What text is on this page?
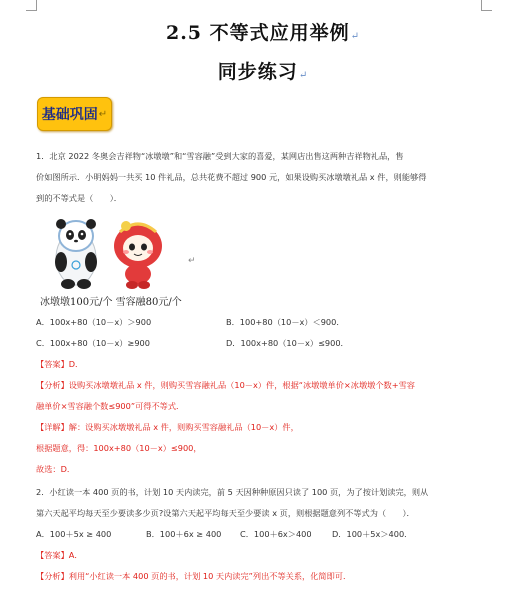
2.5 不等式应用举例↵
同步练习↵
基础巩固 ↵
1．北京 2022 冬奥会吉祥物“冰墩墩”和“雪容融”受到大家的喜爱，某网店出售这两种吉祥物礼品，售
价如图所示．小明妈妈一共买 10 件礼品，总共花费不超过 900 元，如果设购买冰墩墩礼品 x 件，则能够得
到的不等式是（　　）．
↵
冰墩墩100元/个 雪容融80元/个
A．100x+80（10－x）＞900	B．100+80（10－x）＜900．
C．100x+80（10－x）≥900	D．100x+80（10－x）≤900．
【答案】D．
【分析】设购买冰墩墩礼品 x 件，则购买雪容融礼品（10－x）件，根据“冰墩墩单价×冰墩墩个数+雪容
融单价×雪容融个数≤900”可得不等式．
【详解】解：设购买冰墩墩礼品 x 件，则购买雪容融礼品（10－x）件，
根据题意，得：100x+80（10－x）≤900，
故选：D．
2．小红读一本 400 页的书，计划 10 天内读完，前 5 天因种种原因只读了 100 页，为了按计划读完，则从
第六天起平均每天至少要读多少页?设第六天起平均每天至少要读 x 页，则根据题意列不等式为（　　）．
A．100＋5x ≥ 400	B．100＋6x ≥ 400 C．100＋6x＞400 D．100＋5x＞400．
【答案】A．
【分析】利用“小红读一本 400 页的书，计划 10 天内读完”列出不等关系，化简即可．
